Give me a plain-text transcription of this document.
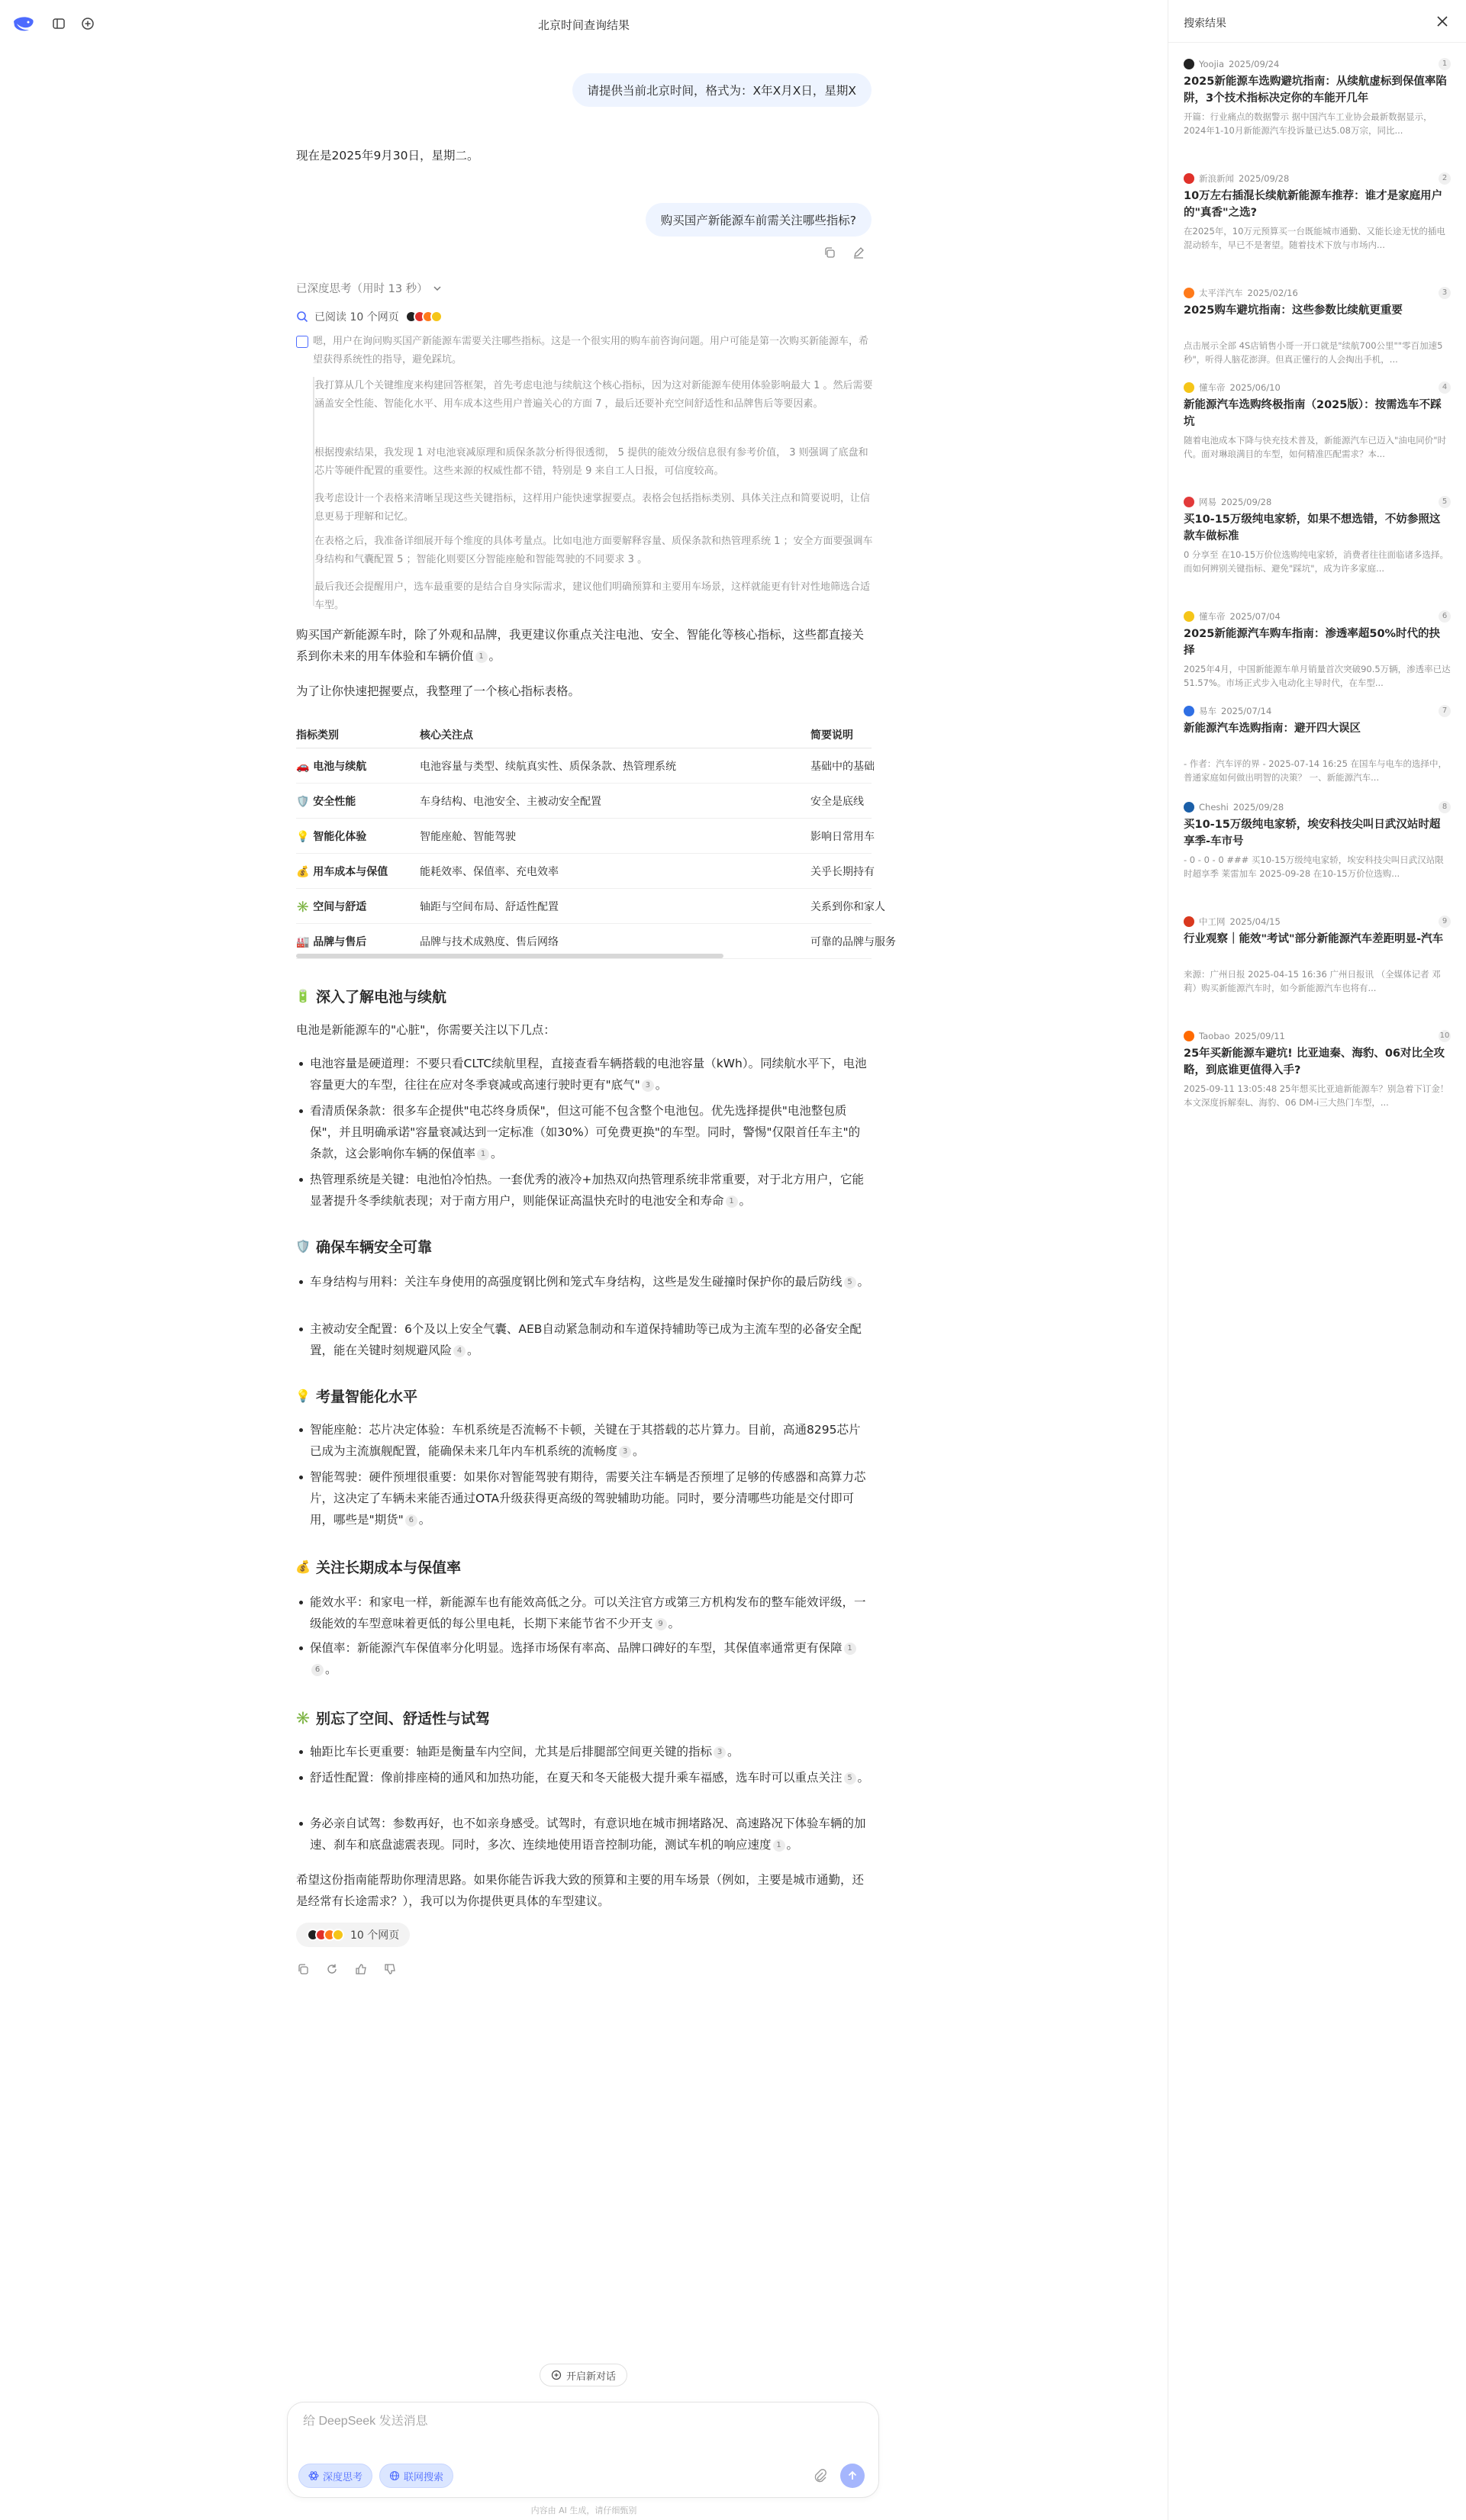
北京时间查询结果
请提供当前北京时间，格式为：X年X月X日，星期X
现在是2025年9月30日，星期二。
购买国产新能源车前需关注哪些指标?
已深度思考（用时 13 秒）
已阅读 10 个网页
嗯，用户在询问购买国产新能源车需要关注哪些指标。这是一个很实用的购车前咨询问题。用户可能是第一次购买新能源车，希望获得系统性的指导，避免踩坑。
我打算从几个关键维度来构建回答框架，首先考虑电池与续航这个核心指标，因为这对新能源车使用体验影响最大 1 。然后需要涵盖安全性能、智能化水平、用车成本这些用户普遍关心的方面 7 ，最后还要补充空间舒适性和品牌售后等要因素。
根据搜索结果，我发现 1 对电池衰减原理和质保条款分析得很透彻， 5 提供的能效分级信息很有参考价值， 3 则强调了底盘和芯片等硬件配置的重要性。这些来源的权威性都不错，特别是 9 来自工人日报，可信度较高。
我考虑设计一个表格来清晰呈现这些关键指标，这样用户能快速掌握要点。表格会包括指标类别、具体关注点和简要说明，让信息更易于理解和记忆。
在表格之后，我准备详细展开每个维度的具体考量点。比如电池方面要解释容量、质保条款和热管理系统 1 ；安全方面要强调车身结构和气囊配置 5 ；智能化则要区分智能座舱和智能驾驶的不同要求 3 。
最后我还会提醒用户，选车最重要的是结合自身实际需求，建议他们明确预算和主要用车场景，这样就能更有针对性地筛选合适车型。
购买国产新能源车时，除了外观和品牌，我更建议你重点关注电池、安全、智能化等核心指标，这些都直接关系到你未来的用车体验和车辆价值 1 。
为了让你快速把握要点，我整理了一个核心指标表格。
指标类别	核心关注点	简要说明
🚗 电池与续航	电池容量与类型、续航真实性、质保条款、热管理系统	基础中的基础
🛡️ 安全性能	车身结构、电池安全、主被动安全配置	安全是底线
💡 智能化体验	智能座舱、智能驾驶	影响日常用车
💰 用车成本与保值	能耗效率、保值率、充电效率	关乎长期持有
✳️ 空间与舒适	轴距与空间布局、舒适性配置	关系到你和家人
🏭 品牌与售后	品牌与技术成熟度、售后网络	可靠的品牌与服务
🔋 深入了解电池与续航
电池是新能源车的"心脏"，你需要关注以下几点：
电池容量是硬道理：不要只看CLTC续航里程，直接查看车辆搭载的电池容量（kWh）。同续航水平下，电池容量更大的车型，往往在应对冬季衰减或高速行驶时更有"底气" 3 。
看清质保条款：很多车企提供"电芯终身质保"，但这可能不包含整个电池包。优先选择提供"电池整包质保"，并且明确承诺"容量衰减达到一定标准（如30%）可免费更换"的车型。同时，警惕"仅限首任车主"的条款，这会影响你车辆的保值率 1 。
热管理系统是关键：电池怕冷怕热。一套优秀的液冷+加热双向热管理系统非常重要，对于北方用户，它能显著提升冬季续航表现；对于南方用户，则能保证高温快充时的电池安全和寿命 1 。
🛡️ 确保车辆安全可靠
车身结构与用料：关注车身使用的高强度钢比例和笼式车身结构，这些是发生碰撞时保护你的最后防线 5 。
主被动安全配置：6个及以上安全气囊、AEB自动紧急制动和车道保持辅助等已成为主流车型的必备安全配置，能在关键时刻规避风险 4 。
💡 考量智能化水平
智能座舱：芯片决定体验：车机系统是否流畅不卡顿，关键在于其搭载的芯片算力。目前，高通8295芯片已成为主流旗舰配置，能确保未来几年内车机系统的流畅度 3 。
智能驾驶：硬件预埋很重要：如果你对智能驾驶有期待，需要关注车辆是否预埋了足够的传感器和高算力芯片，这决定了车辆未来能否通过OTA升级获得更高级的驾驶辅助功能。同时，要分清哪些功能是交付即可用，哪些是"期货" 6 。
💰 关注长期成本与保值率
能效水平：和家电一样，新能源车也有能效高低之分。可以关注官方或第三方机构发布的整车能效评级，一级能效的车型意味着更低的每公里电耗，长期下来能节省不少开支 9 。
保值率：新能源汽车保值率分化明显。选择市场保有率高、品牌口碑好的车型，其保值率通常更有保障 16 。
✳️ 别忘了空间、舒适性与试驾
轴距比车长更重要：轴距是衡量车内空间，尤其是后排腿部空间更关键的指标 3 。
舒适性配置：像前排座椅的通风和加热功能，在夏天和冬天能极大提升乘车福感，选车时可以重点关注 5 。
务必亲自试驾：参数再好，也不如亲身感受。试驾时，有意识地在城市拥堵路况、高速路况下体验车辆的加速、刹车和底盘滤震表现。同时，多次、连续地使用语音控制功能，测试车机的响应速度 1 。
希望这份指南能帮助你理清思路。如果你能告诉我大致的预算和主要的用车场景（例如，主要是城市通勤，还是经常有长途需求？），我可以为你提供更具体的车型建议。
10 个网页
开启新对话
给 DeepSeek 发送消息
深度思考	联网搜索
内容由 AI 生成，请仔细甄别
搜索结果
Yoojia 2025/09/24	1
2025新能源车选购避坑指南：从续航虚标到保值率陷阱，3个技术指标决定你的车能开几年
开篇：行业痛点的数据警示 据中国汽车工业协会最新数据显示，2024年1-10月新能源汽车投诉量已达5.08万宗，同比...
新浪新闻 2025/09/28	2
10万左右插混长续航新能源车推荐：谁才是家庭用户的"真香"之选?
在2025年，10万元预算买一台既能城市通勤、又能长途无忧的插电混动轿车，早已不是奢望。随着技术下放与市场内...
太平洋汽车 2025/02/16	3
2025购车避坑指南：这些参数比续航更重要
点击展示全部 4S店销售小哥一开口就是"续航700公里""零百加速5秒"，听得人脑花澎湃。但真正懂行的人会掏出手机，...
懂车帝 2025/06/10	4
新能源汽车选购终极指南（2025版）：按需选车不踩坑
随着电池成本下降与快充技术普及，新能源汽车已迈入"油电同价"时代。面对琳琅满目的车型，如何精准匹配需求？本...
网易 2025/09/28	5
买10-15万级纯电家轿，如果不想选错，不妨参照这款车做标准
0 分享至 在10-15万价位选购纯电家轿，消费者往往面临诸多选择。而如何辨别关键指标、避免"踩坑"，成为许多家庭...
懂车帝 2025/07/04	6
2025新能源汽车购车指南：渗透率超50%时代的抉择
2025年4月，中国新能源车单月销量首次突破90.5万辆，渗透率已达51.57%。市场正式步入电动化主导时代，在车型...
易车 2025/07/14	7
新能源汽车选购指南：避开四大误区
- 作者：汽车评的界 - 2025-07-14 16:25 在国车与电车的选择中，普通家庭如何做出明智的决策？ 一、新能源汽车...
Cheshi 2025/09/28	8
买10-15万级纯电家轿，埃安科技尖叫日武汉站时超享季-车市号
- 0 - 0 - 0 ### 买10-15万级纯电家轿，埃安科技尖叫日武汉站限时超享季 莱雷加车 2025-09-28 在10-15万价位选购...
中工网 2025/04/15	9
行业观察｜能效"考试"部分新能源汽车差距明显-汽车
来源：广州日报 2025-04-15 16:36 广州日报讯 （全媒体记者 邓莉）购买新能源汽车时，如今新能源汽车也将有...
Taobao 2025/09/11	10
25年买新能源车避坑! 比亚迪秦、海豹、06对比全攻略，到底谁更值得入手?
2025-09-11 13:05:48 25年想买比亚迪新能源车？别急着下订金！本文深度拆解秦L、海豹、06 DM-i三大热门车型，...
